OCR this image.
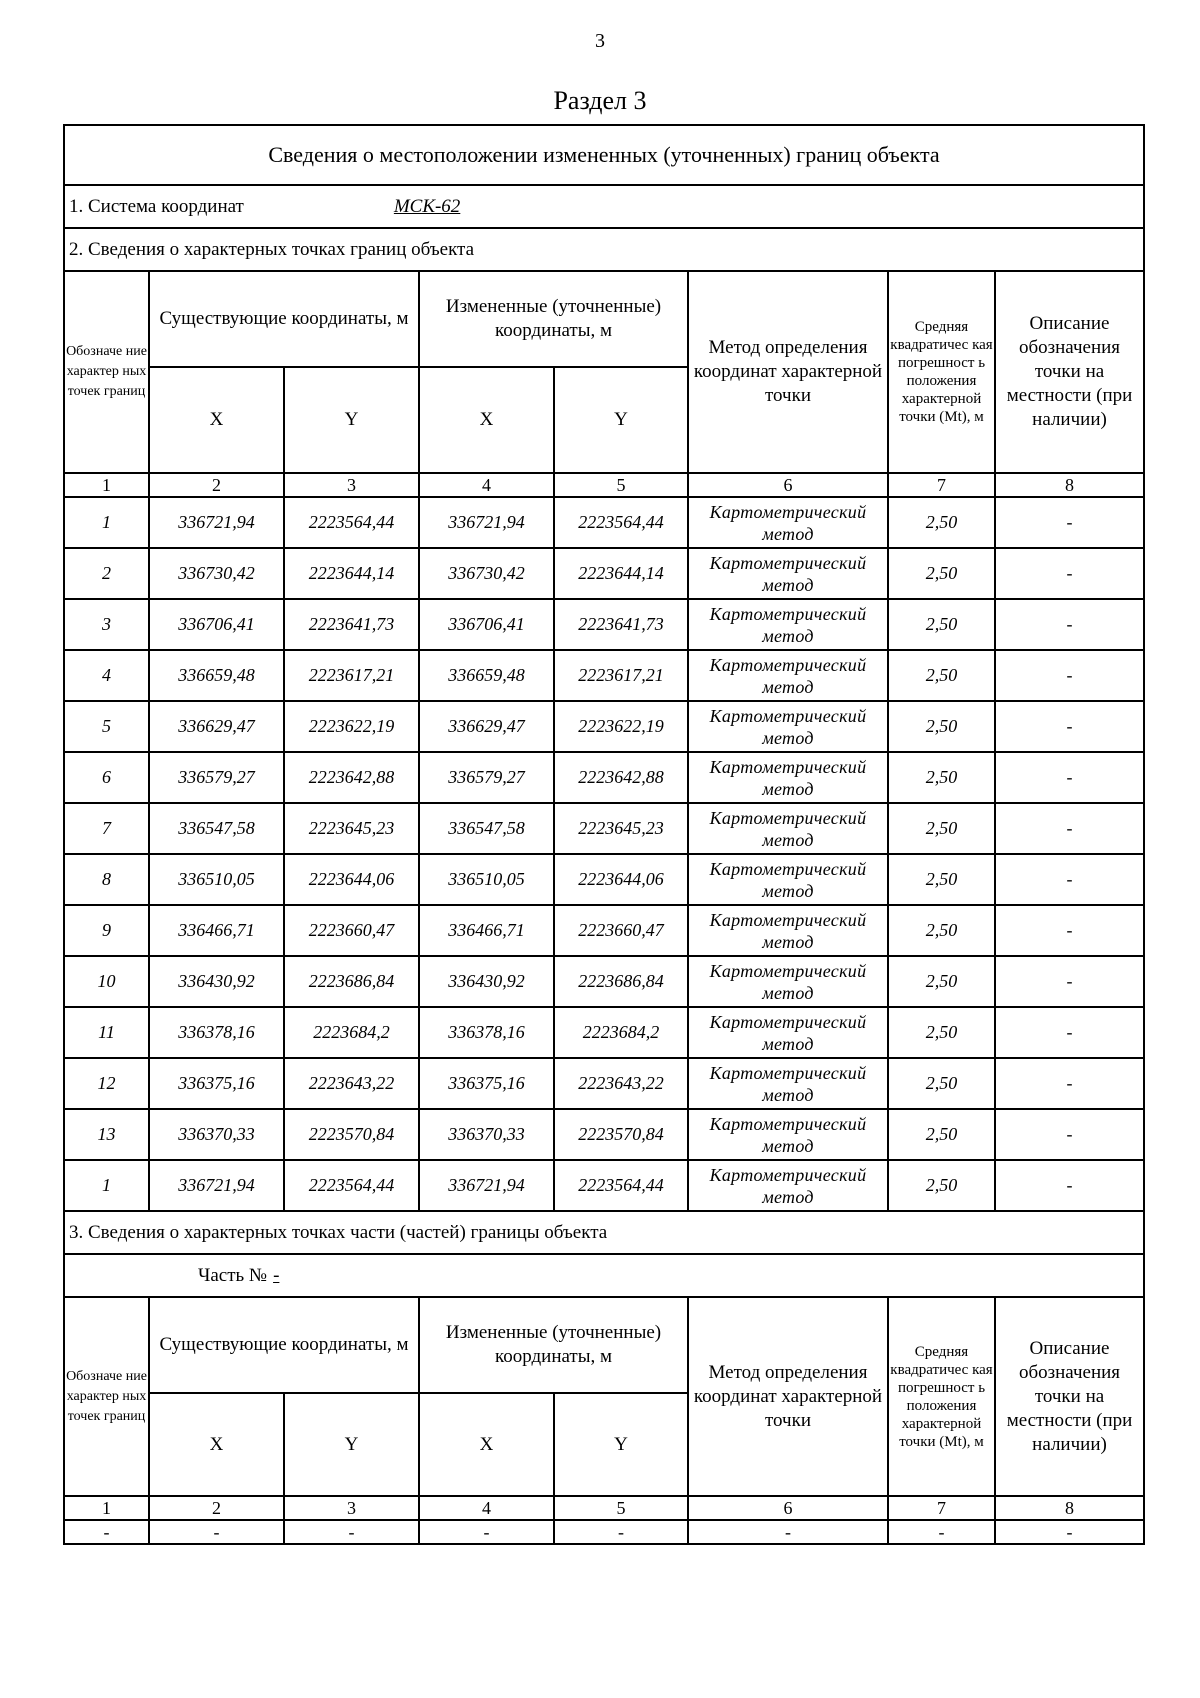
3
Раздел 3
Сведения о местоположении измененных (уточненных) границ объекта							
1. Система координат МСК-62							
2. Сведения о характерных точках границ объекта							
Обозначе ние характер ных точек границ	Существующие координаты, м		Измененные (уточненные) координаты, м		Метод определения координат характерной точки	Средняя квадратичес кая погрешност ь положения характерной точки (Mt), м	Описание обозначения точки на местности (при наличии)
	X	Y	X	Y			
1	2	3	4	5	6	7	8
1	336721,94	2223564,44	336721,94	2223564,44	Картометрический метод	2,50	-
2	336730,42	2223644,14	336730,42	2223644,14	Картометрический метод	2,50	-
3	336706,41	2223641,73	336706,41	2223641,73	Картометрический метод	2,50	-
4	336659,48	2223617,21	336659,48	2223617,21	Картометрический метод	2,50	-
5	336629,47	2223622,19	336629,47	2223622,19	Картометрический метод	2,50	-
6	336579,27	2223642,88	336579,27	2223642,88	Картометрический метод	2,50	-
7	336547,58	2223645,23	336547,58	2223645,23	Картометрический метод	2,50	-
8	336510,05	2223644,06	336510,05	2223644,06	Картометрический метод	2,50	-
9	336466,71	2223660,47	336466,71	2223660,47	Картометрический метод	2,50	-
10	336430,92	2223686,84	336430,92	2223686,84	Картометрический метод	2,50	-
11	336378,16	2223684,2	336378,16	2223684,2	Картометрический метод	2,50	-
12	336375,16	2223643,22	336375,16	2223643,22	Картометрический метод	2,50	-
13	336370,33	2223570,84	336370,33	2223570,84	Картометрический метод	2,50	-
1	336721,94	2223564,44	336721,94	2223564,44	Картометрический метод	2,50	-
3. Сведения о характерных точках части (частей) границы объекта							
Часть № -							
Обозначе ние характер ных точек границ	Существующие координаты, м		Измененные (уточненные) координаты, м		Метод определения координат характерной точки	Средняя квадратичес кая погрешност ь положения характерной точки (Mt), м	Описание обозначения точки на местности (при наличии)
	X	Y	X	Y			
1	2	3	4	5	6	7	8
-	-	-	-	-	-	-	-
